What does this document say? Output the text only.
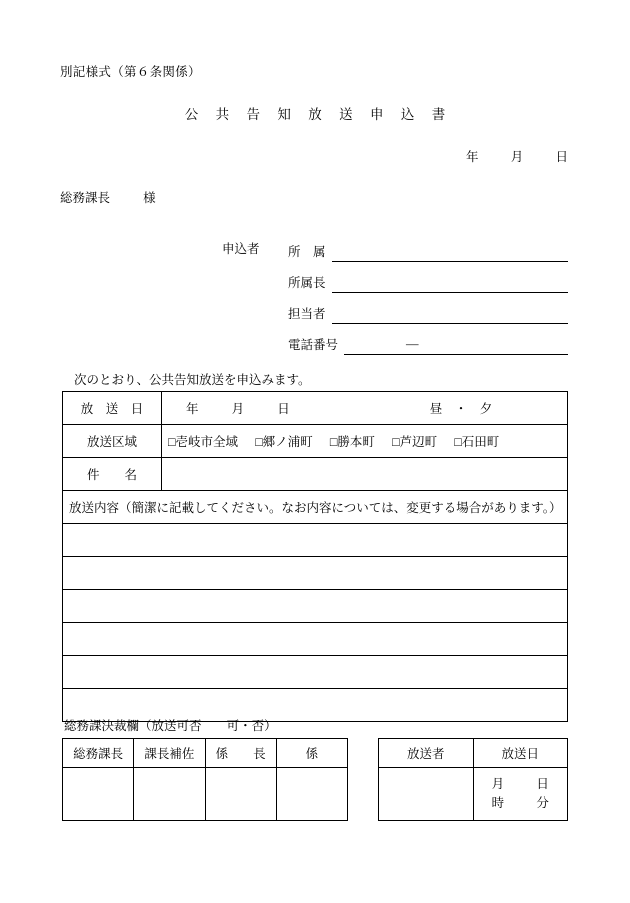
別記様式（第６条関係）
公 共 告 知 放 送 申 込 書
年	月	日
総務課長	様
申込者 所　属
所属長
担当者
電話番号	―
次のとおり、公共告知放送を申込みます。
放　送　日	年 月 日 昼　・　夕

放送区域	□壱岐市全域 □郷ノ浦町 □勝本町 □芦辺町 □石田町
件　　名	
放送内容（簡潔に記載してください。なお内容については、変更する場合があります。）	

総務課決裁欄（放送可否 可・否）
総務課長	課長補佐	係　　長	係
				放送者	放送日

	月 日
時 分
